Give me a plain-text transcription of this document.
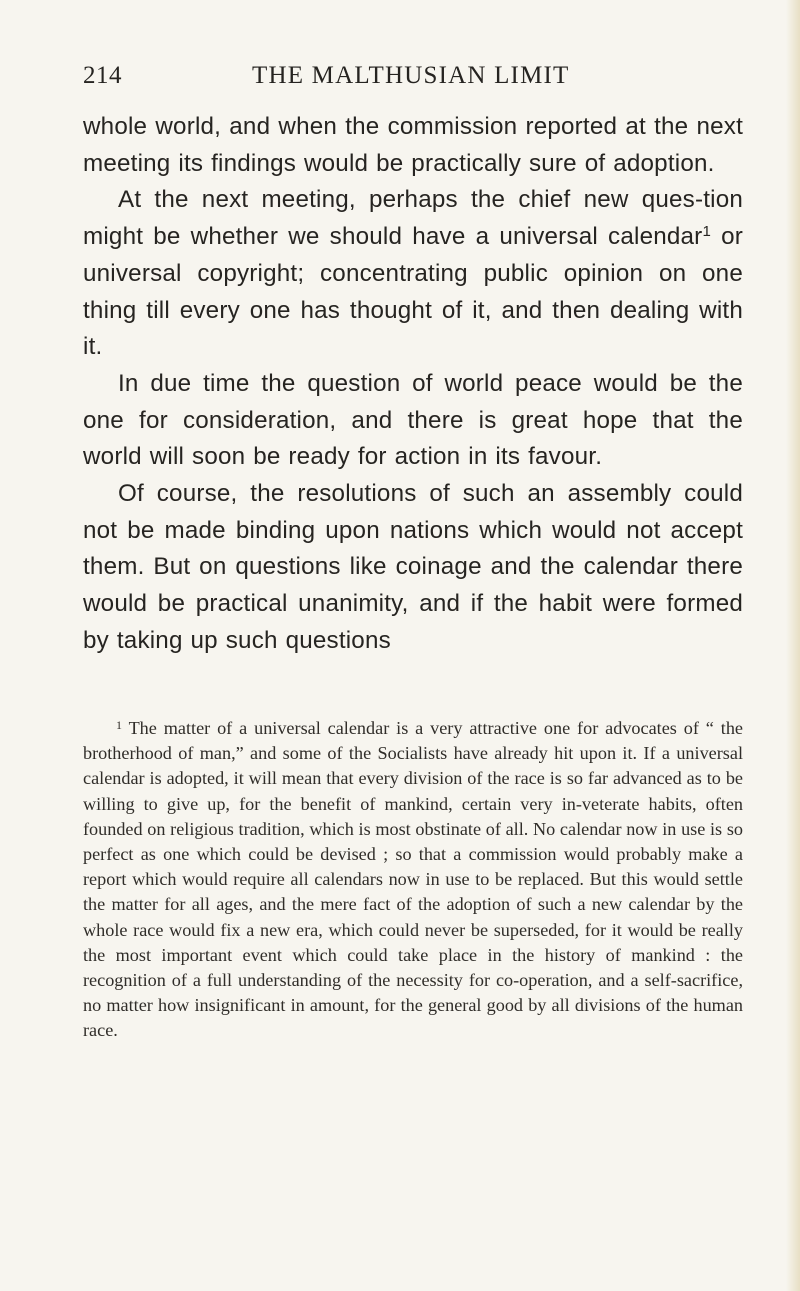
214	THE MALTHUSIAN LIMIT

whole world, and when the commission reported at the next meeting its findings would be practically sure of adoption.

At the next meeting, perhaps the chief new ques-tion might be whether we should have a universal calendar$^1$ or universal copyright; concentrating public opinion on one thing till every one has thought of it, and then dealing with it.

In due time the question of world peace would be the one for consideration, and there is great hope that the world will soon be ready for action in its favour.

Of course, the resolutions of such an assembly could not be made binding upon nations which would not accept them. But on questions like coinage and the calendar there would be practical unanimity, and if the habit were formed by taking up such questions

$^1$ The matter of a universal calendar is a very attractive one for advocates of “ the brotherhood of man,” and some of the Socialists have already hit upon it. If a universal calendar is adopted, it will mean that every division of the race is so far advanced as to be willing to give up, for the benefit of mankind, certain very in-veterate habits, often founded on religious tradition, which is most obstinate of all. No calendar now in use is so perfect as one which could be devised ; so that a commission would probably make a report which would require all calendars now in use to be replaced. But this would settle the matter for all ages, and the mere fact of the adoption of such a new calendar by the whole race would fix a new era, which could never be superseded, for it would be really the most important event which could take place in the history of mankind : the recognition of a full understanding of the necessity for co-operation, and a self-sacrifice, no matter how insignificant in amount, for the general good by all divisions of the human race.
